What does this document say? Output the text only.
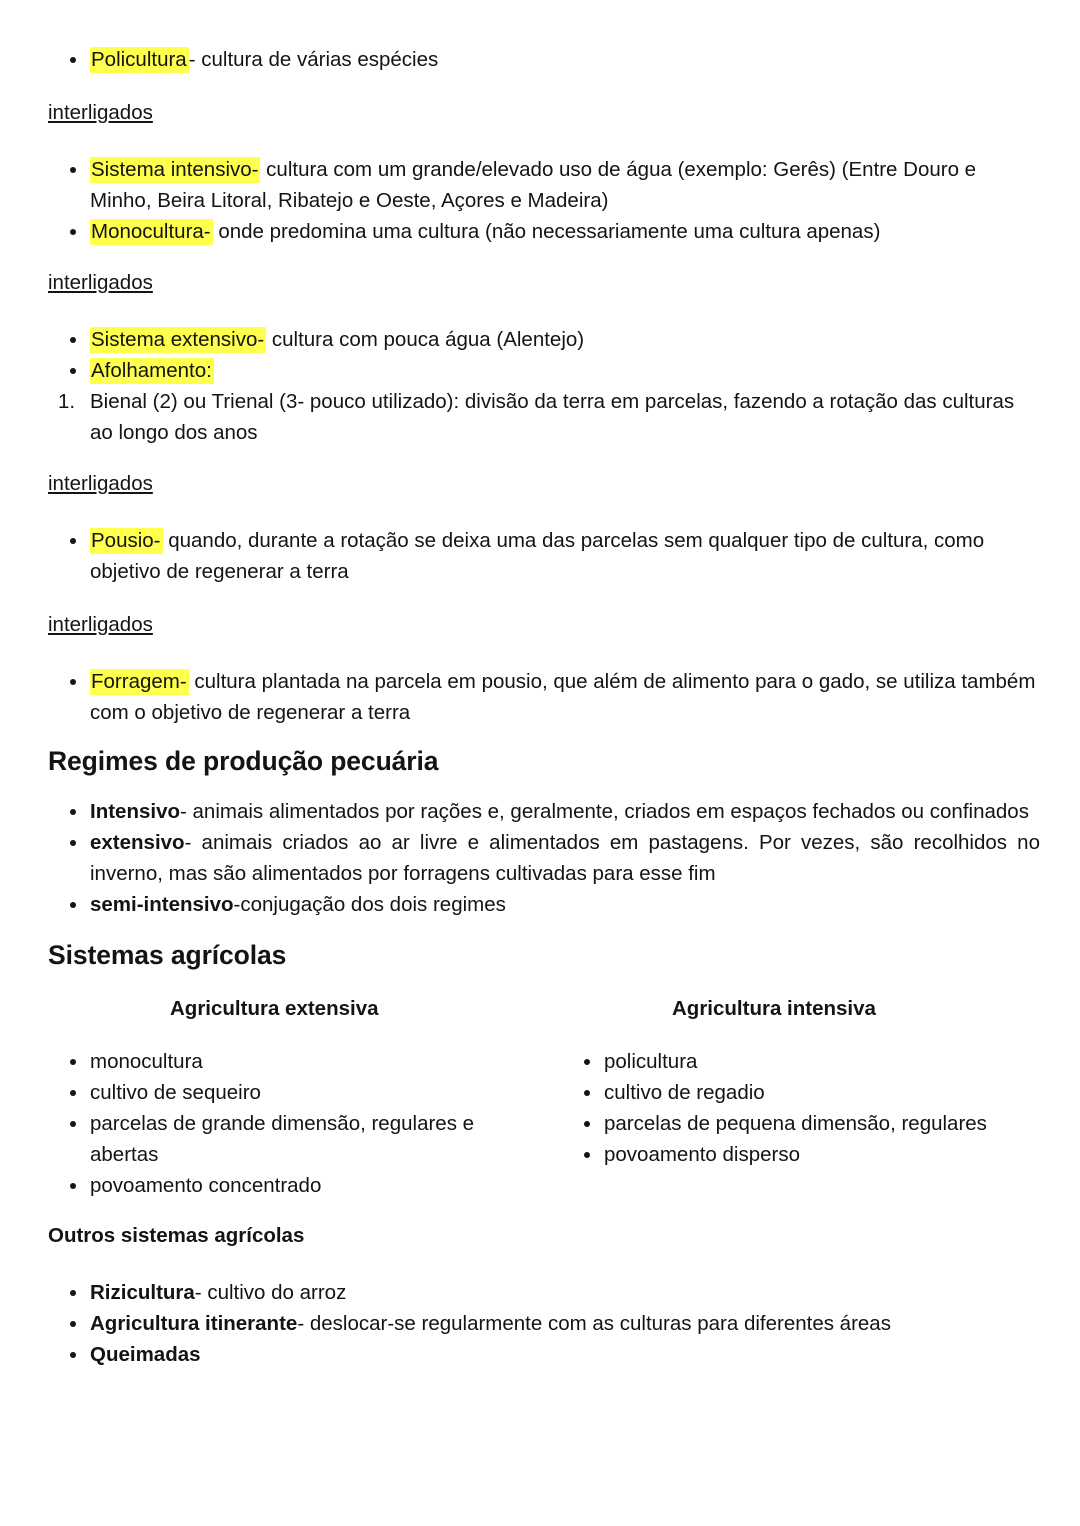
Policultura- cultura de várias espécies

interligados

Sistema intensivo- cultura com um grande/elevado uso de água (exemplo: Gerês) (Entre Douro e Minho, Beira Litoral, Ribatejo e Oeste, Açores e Madeira)
Monocultura- onde predomina uma cultura (não necessariamente uma cultura apenas)

interligados

Sistema extensivo- cultura com pouca água (Alentejo)
Afolhamento:
Bienal (2) ou Trienal (3- pouco utilizado): divisão da terra em parcelas, fazendo a rotação das culturas ao longo dos anos

interligados

Pousio- quando, durante a rotação se deixa uma das parcelas sem qualquer tipo de cultura, como objetivo de regenerar a terra

interligados

Forragem- cultura plantada na parcela em pousio, que além de alimento para o gado, se utiliza também com o objetivo de regenerar a terra
Regimes de produção pecuária
Intensivo- animais alimentados por rações e, geralmente, criados em espaços fechados ou confinados
extensivo- animais criados ao ar livre e alimentados em pastagens. Por vezes, são recolhidos no inverno, mas são alimentados por forragens cultivadas para esse fim
semi-intensivo-conjugação dos dois regimes
Sistemas agrícolas
Agricultura extensiva
monocultura
cultivo de sequeiro
parcelas de grande dimensão, regulares e abertas
povoamento concentrado
Agricultura intensiva
policultura
cultivo de regadio
parcelas de pequena dimensão, regulares
povoamento disperso
Outros sistemas agrícolas
Rizicultura- cultivo do arroz
Agricultura itinerante- deslocar-se regularmente com as culturas para diferentes áreas
Queimadas
